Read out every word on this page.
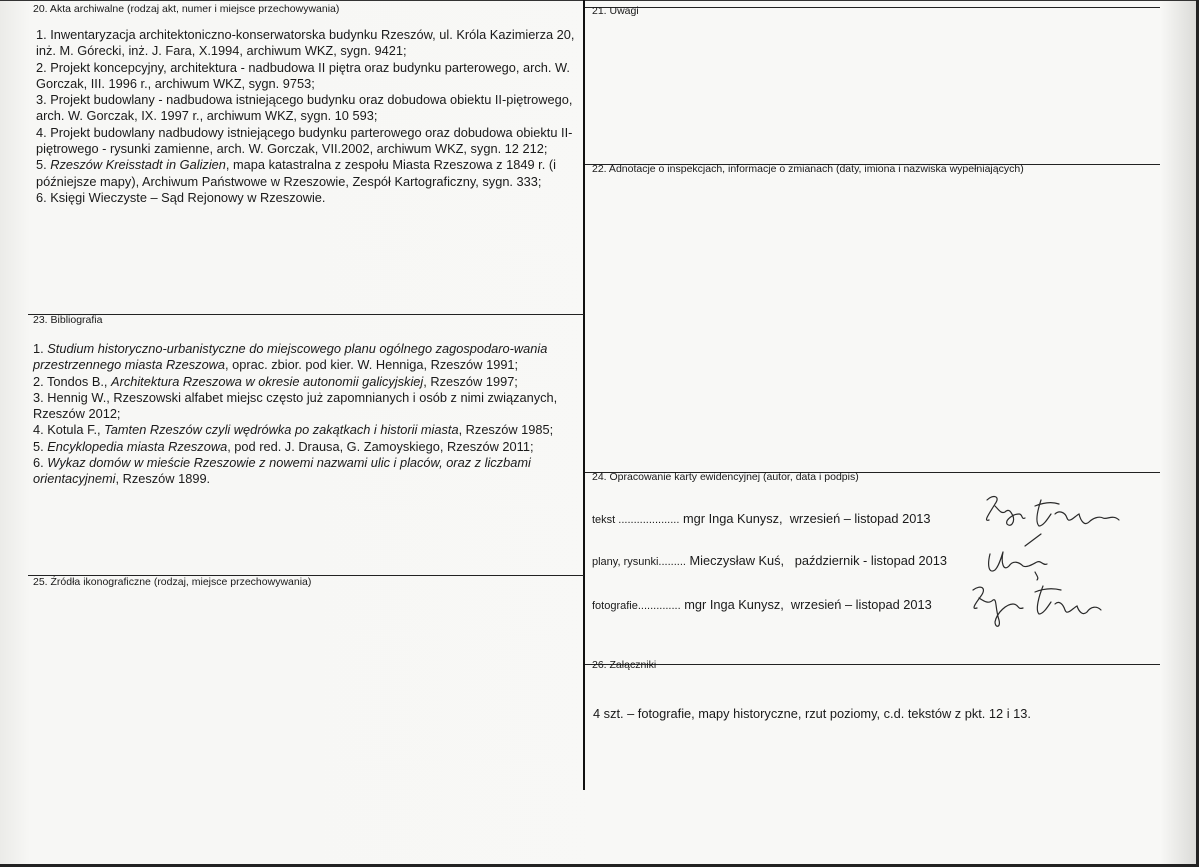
20. Akta archiwalne (rodzaj akt, numer i miejsce przechowywania)

1. Inwentaryzacja architektoniczno-konserwatorska budynku Rzeszów, ul. Króla Kazimierza 20, inż. M. Górecki, inż. J. Fara, X.1994, archiwum WKZ, sygn. 9421;

2. Projekt koncepcyjny, architektura - nadbudowa II piętra oraz budynku parterowego, arch. W. Gorczak, III. 1996 r., archiwum WKZ, sygn. 9753;

3. Projekt budowlany - nadbudowa istniejącego budynku oraz dobudowa obiektu II-piętrowego, arch. W. Gorczak, IX. 1997 r., archiwum WKZ, sygn. 10 593;

4. Projekt budowlany nadbudowy istniejącego budynku parterowego oraz dobudowa obiektu II-piętrowego - rysunki zamienne, arch. W. Gorczak, VII.2002, archiwum WKZ, sygn. 12 212;

5. Rzeszów Kreisstadt in Galizien, mapa katastralna z zespołu Miasta Rzeszowa z 1849 r. (i późniejsze mapy), Archiwum Państwowe w Rzeszowie, Zespół Kartograficzny, sygn. 333;

6. Księgi Wieczyste – Sąd Rejonowy w Rzeszowie.

21. Uwagi
22. Adnotacje o inspekcjach, informacje o zmianach (daty, imiona i nazwiska wypełniających)
23. Bibliografia

1. Studium historyczno-urbanistyczne do miejscowego planu ogólnego zagospodaro-wania przestrzennego miasta Rzeszowa, oprac. zbior. pod kier. W. Henniga, Rzeszów 1991;

2. Tondos B., Architektura Rzeszowa w okresie autonomii galicyjskiej, Rzeszów 1997;

3. Hennig W., Rzeszowski alfabet miejsc często już zapomnianych i osób z nimi związanych, Rzeszów 2012;

4. Kotula F., Tamten Rzeszów czyli wędrówka po zakątkach i historii miasta, Rzeszów 1985;

5. Encyklopedia miasta Rzeszowa, pod red. J. Drausa, G. Zamoyskiego, Rzeszów 2011;

6. Wykaz domów w mieście Rzeszowie z nowemi nazwami ulic i placów, oraz z liczbami orientacyjnemi, Rzeszów 1899.	24. Opracowanie karty ewidencyjnej (autor, data i podpis)
tekst .................... mgr Inga Kunysz, wrzesień – listopad 2013
plany, rysunki......... Mieczysław Kuś, październik - listopad 2013
fotografie.............. mgr Inga Kunysz, wrzesień – listopad 2013
25. Źródła ikonograficzne (rodzaj, miejsce przechowywania)
26. Załączniki
4 szt. – fotografie, mapy historyczne, rzut poziomy, c.d. tekstów z pkt. 12 i 13.
